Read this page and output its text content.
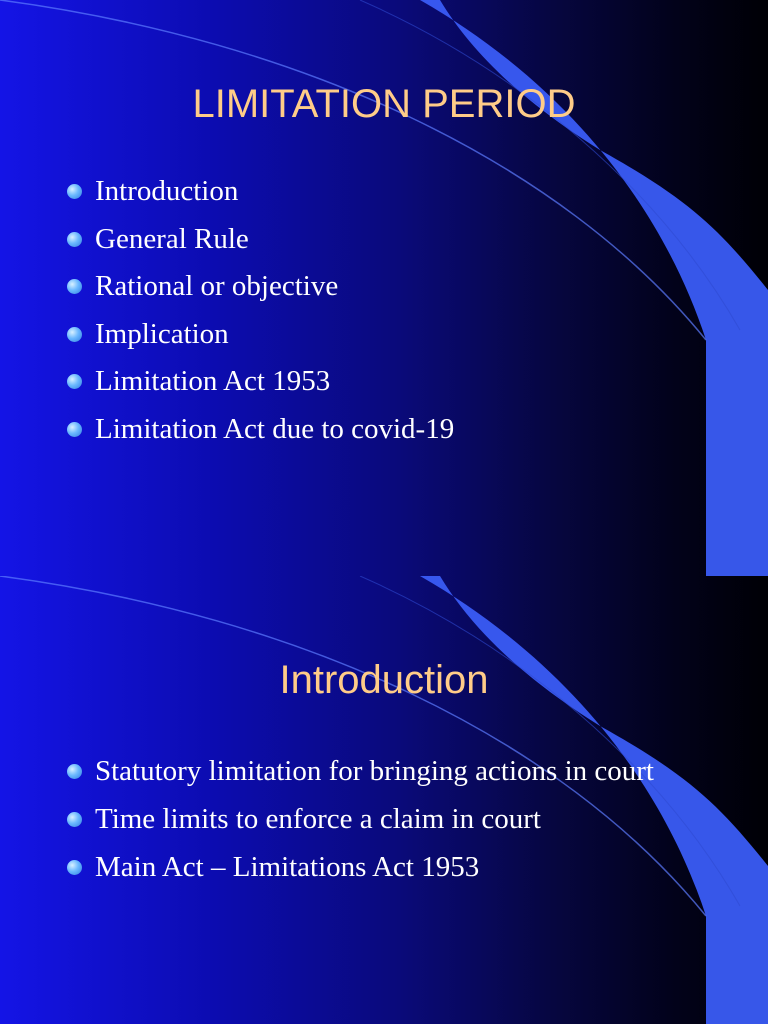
LIMITATION PERIOD
Introduction
General Rule
Rational or objective
Implication
Limitation Act 1953
Limitation Act due to covid-19
Introduction
Statutory limitation for bringing actions in court
Time limits to enforce a claim in court
Main Act – Limitations Act 1953
